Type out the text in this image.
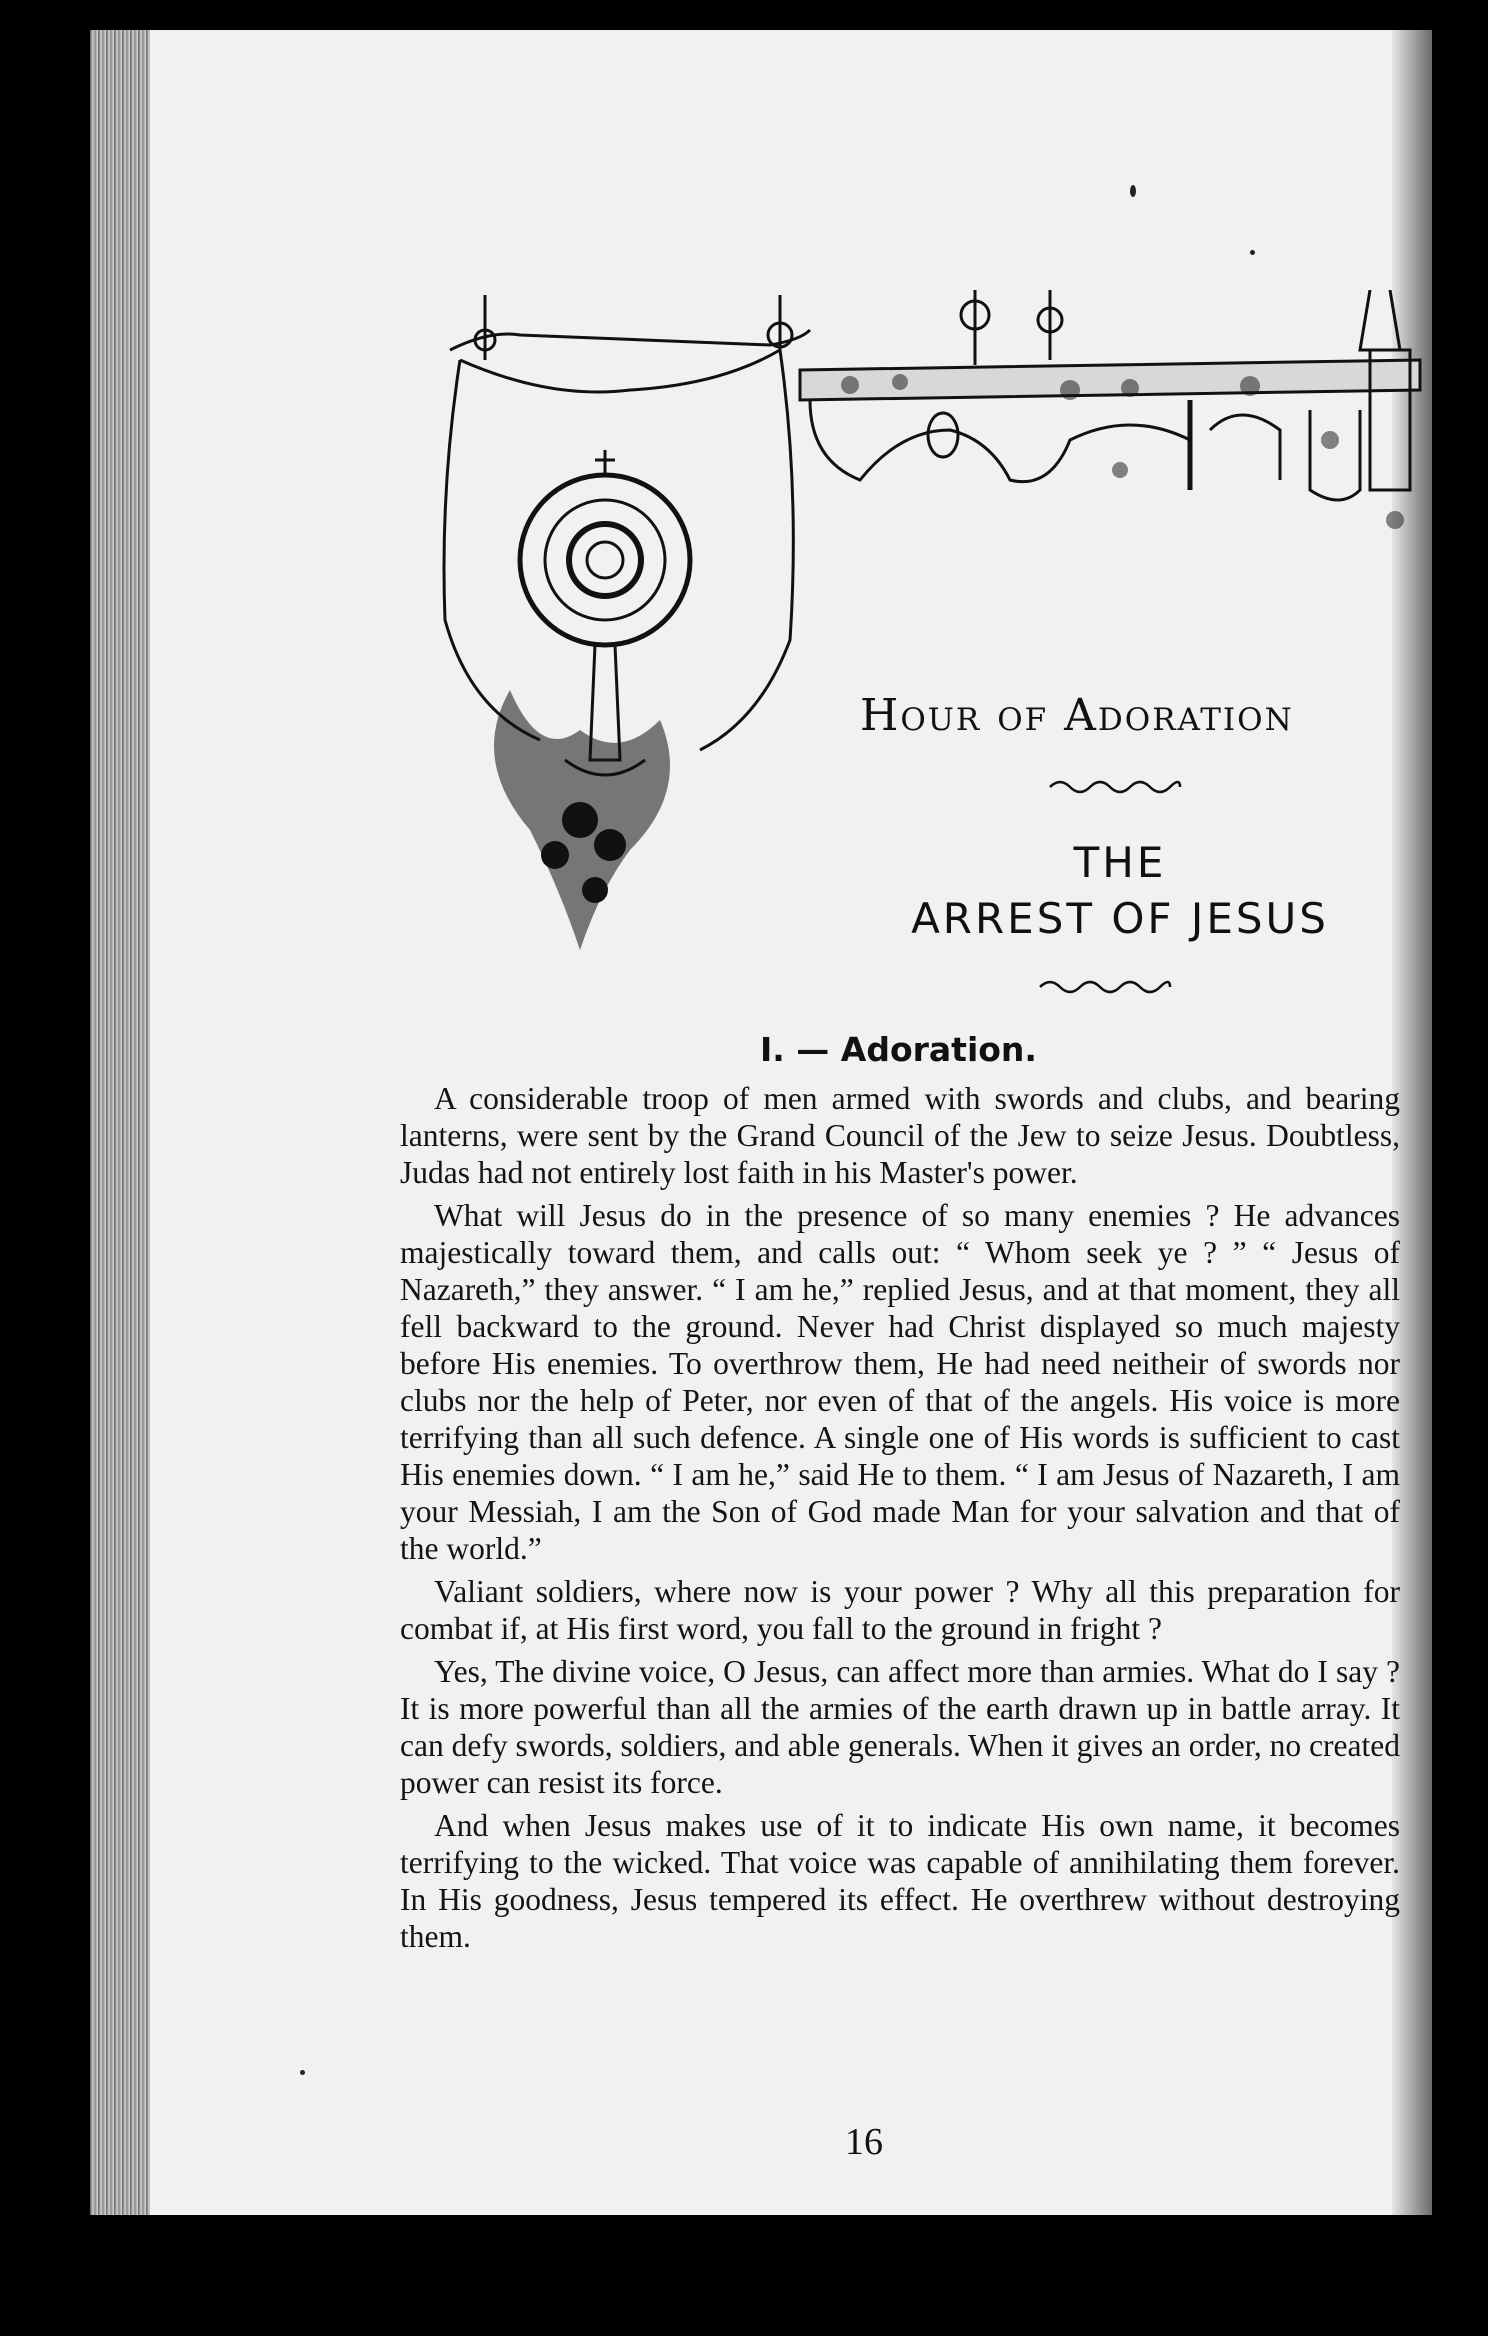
Hour of Adoration
THE
ARREST OF JESUS
I. — Adoration.

A considerable troop of men armed with swords and clubs, and bearing lanterns, were sent by the Grand Council of the Jew to seize Jesus. Doubtless, Judas had not entirely lost faith in his Master's power.

What will Jesus do in the presence of so many enemies ? He advances majestically toward them, and calls out: “ Whom seek ye ? ” “ Jesus of Nazareth,” they answer. “ I am he,” replied Jesus, and at that moment, they all fell backward to the ground. Never had Christ displayed so much majesty before His enemies. To overthrow them, He had need neitheir of swords nor clubs nor the help of Peter, nor even of that of the angels. His voice is more terrifying than all such defence. A single one of His words is sufficient to cast His enemies down. “ I am he,” said He to them. “ I am Jesus of Nazareth, I am your Messiah, I am the Son of God made Man for your salvation and that of the world.”

Valiant soldiers, where now is your power ? Why all this preparation for combat if, at His first word, you fall to the ground in fright ?

Yes, The divine voice, O Jesus, can affect more than armies. What do I say ? It is more powerful than all the armies of the earth drawn up in battle array. It can defy swords, soldiers, and able generals. When it gives an order, no created power can resist its force.

And when Jesus makes use of it to indicate His own name, it becomes terrifying to the wicked. That voice was capable of annihilating them forever. In His goodness, Jesus tempered its effect. He overthrew without destroying them.

16
